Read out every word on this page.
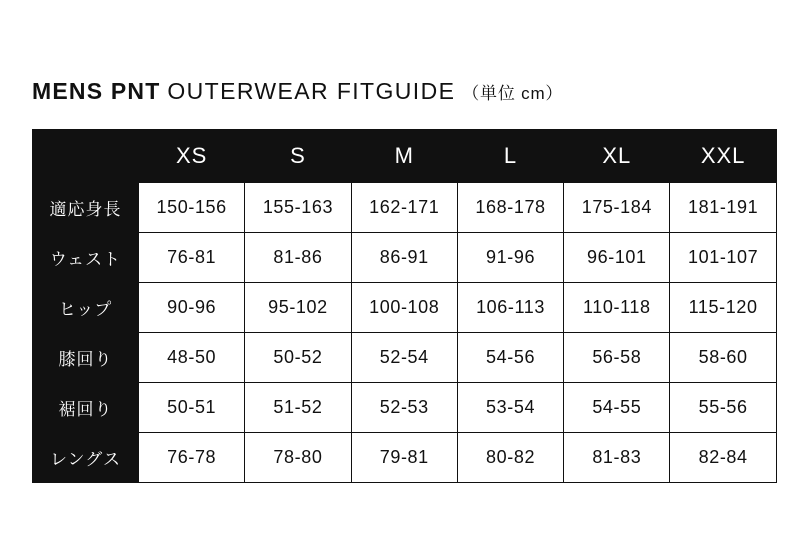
MENS PNT OUTERWEAR FITGUIDE （単位 cm）
	XS	S	M	L	XL	XXL
適応身長	150-156	155-163	162-171	168-178	175-184	181-191
ウェスト	76-81	81-86	86-91	91-96	96-101	101-107
ヒップ	90-96	95-102	100-108	106-113	110-118	115-120
膝回り	48-50	50-52	52-54	54-56	56-58	58-60
裾回り	50-51	51-52	52-53	53-54	54-55	55-56
レングス	76-78	78-80	79-81	80-82	81-83	82-84
